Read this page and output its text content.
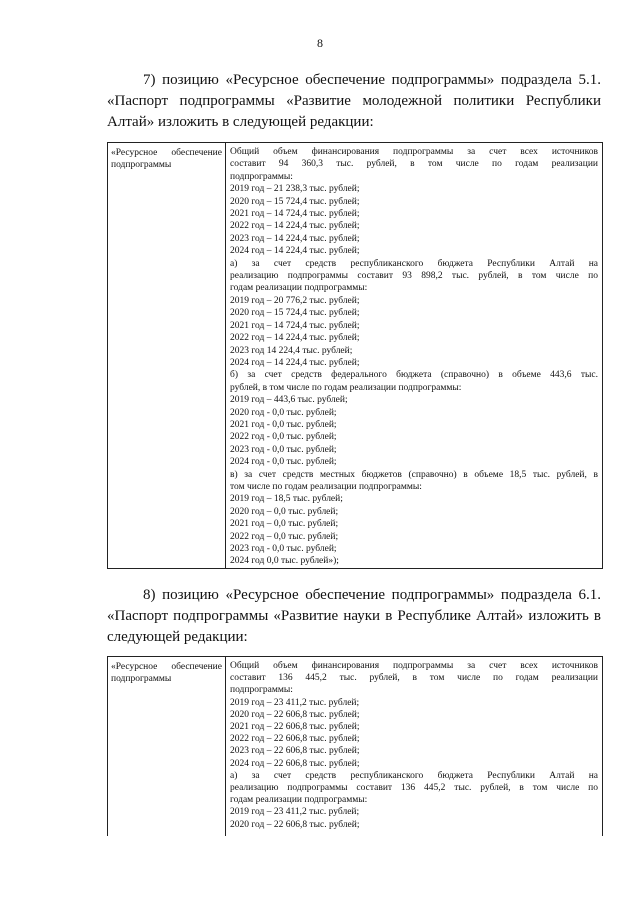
8
7) позицию «Ресурсное обеспечение подпрограммы» подраздела 5.1.
«Паспорт подпрограммы «Развитие молодежной политики Республики
Алтай» изложить в следующей редакции:
«Ресурсное обеспечение
подпрограммы
Общий объем финансирования подпрограммы за счет всех источников
составит 94 360,3 тыс. рублей, в том числе по годам реализации
подпрограммы:
2019 год – 21 238,3 тыс. рублей;
2020 год – 15 724,4 тыс. рублей;
2021 год – 14 724,4 тыс. рублей;
2022 год – 14 224,4 тыс. рублей;
2023 год – 14 224,4 тыс. рублей;
2024 год – 14 224,4 тыс. рублей;
а) за счет средств республиканского бюджета Республики Алтай на
реализацию подпрограммы составит 93 898,2 тыс. рублей, в том числе по
годам реализации подпрограммы:
2019 год – 20 776,2 тыс. рублей;
2020 год – 15 724,4 тыс. рублей;
2021 год – 14 724,4 тыс. рублей;
2022 год – 14 224,4 тыс. рублей;
2023 год 14 224,4 тыс. рублей;
2024 год – 14 224,4 тыс. рублей;
б) за счет средств федерального бюджета (справочно) в объеме 443,6 тыс.
рублей, в том числе по годам реализации подпрограммы:
2019 год – 443,6 тыс. рублей;
2020 год - 0,0 тыс. рублей;
2021 год - 0,0 тыс. рублей;
2022 год - 0,0 тыс. рублей;
2023 год - 0,0 тыс. рублей;
2024 год - 0,0 тыс. рублей;
в) за счет средств местных бюджетов (справочно) в объеме 18,5 тыс. рублей, в
том числе по годам реализации подпрограммы:
2019 год – 18,5 тыс. рублей;
2020 год – 0,0 тыс. рублей;
2021 год – 0,0 тыс. рублей;
2022 год – 0,0 тыс. рублей;
2023 год - 0,0 тыс. рублей;
2024 год 0,0 тыс. рублей»);
8) позицию «Ресурсное обеспечение подпрограммы» подраздела 6.1.
«Паспорт подпрограммы «Развитие науки в Республике Алтай» изложить в
следующей редакции:
«Ресурсное обеспечение
подпрограммы
Общий объем финансирования подпрограммы за счет всех источников
составит 136 445,2 тыс. рублей, в том числе по годам реализации
подпрограммы:
2019 год – 23 411,2 тыс. рублей;
2020 год – 22 606,8 тыс. рублей;
2021 год – 22 606,8 тыс. рублей;
2022 год – 22 606,8 тыс. рублей;
2023 год – 22 606,8 тыс. рублей;
2024 год – 22 606,8 тыс. рублей;
а) за счет средств республиканского бюджета Республики Алтай на
реализацию подпрограммы составит 136 445,2 тыс. рублей, в том числе по
годам реализации подпрограммы:
2019 год – 23 411,2 тыс. рублей;
2020 год – 22 606,8 тыс. рублей;
